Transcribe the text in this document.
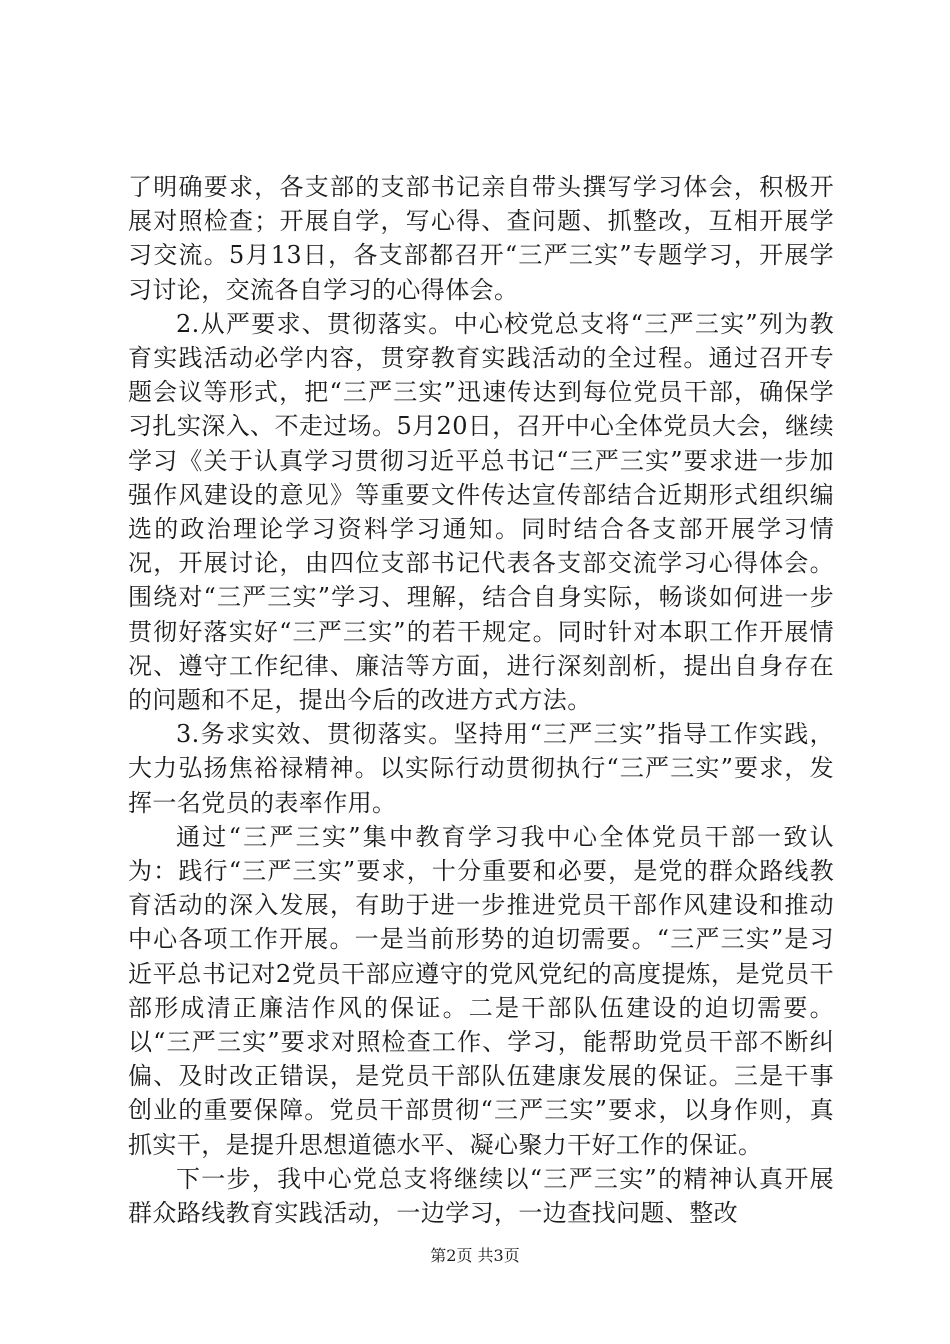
了明确要求，各支部的支部书记亲自带头撰写学习体会，积极开展对照检查；开展自学，写心得、查问题、抓整改，互相开展学习交流。5月13日，各支部都召开“三严三实”专题学习，开展学习讨论，交流各自学习的心得体会。

2.从严要求、贯彻落实。中心校党总支将“三严三实”列为教育实践活动必学内容，贯穿教育实践活动的全过程。通过召开专题会议等形式，把“三严三实”迅速传达到每位党员干部，确保学习扎实深入、不走过场。5月20日，召开中心全体党员大会，继续学习《关于认真学习贯彻习近平总书记“三严三实”要求进一步加强作风建设的意见》等重要文件传达宣传部结合近期形式组织编选的政治理论学习资料学习通知。同时结合各支部开展学习情况，开展讨论，由四位支部书记代表各支部交流学习心得体会。围绕对“三严三实”学习、理解，结合自身实际，畅谈如何进一步贯彻好落实好“三严三实”的若干规定。同时针对本职工作开展情况、遵守工作纪律、廉洁等方面，进行深刻剖析，提出自身存在的问题和不足，提出今后的改进方式方法。

3.务求实效、贯彻落实。坚持用“三严三实”指导工作实践，大力弘扬焦裕禄精神。以实际行动贯彻执行“三严三实”要求，发挥一名党员的表率作用。

通过“三严三实”集中教育学习我中心全体党员干部一致认为：践行“三严三实”要求，十分重要和必要，是党的群众路线教育活动的深入发展，有助于进一步推进党员干部作风建设和推动中心各项工作开展。一是当前形势的迫切需要。“三严三实”是习近平总书记对2党员干部应遵守的党风党纪的高度提炼，是党员干部形成清正廉洁作风的保证。二是干部队伍建设的迫切需要。以“三严三实”要求对照检查工作、学习，能帮助党员干部不断纠偏、及时改正错误，是党员干部队伍建康发展的保证。三是干事创业的重要保障。党员干部贯彻“三严三实”要求，以身作则，真抓实干，是提升思想道德水平、凝心聚力干好工作的保证。

下一步，我中心党总支将继续以“三严三实”的精神认真开展群众路线教育实践活动，一边学习，一边查找问题、整改

第2页 共3页
